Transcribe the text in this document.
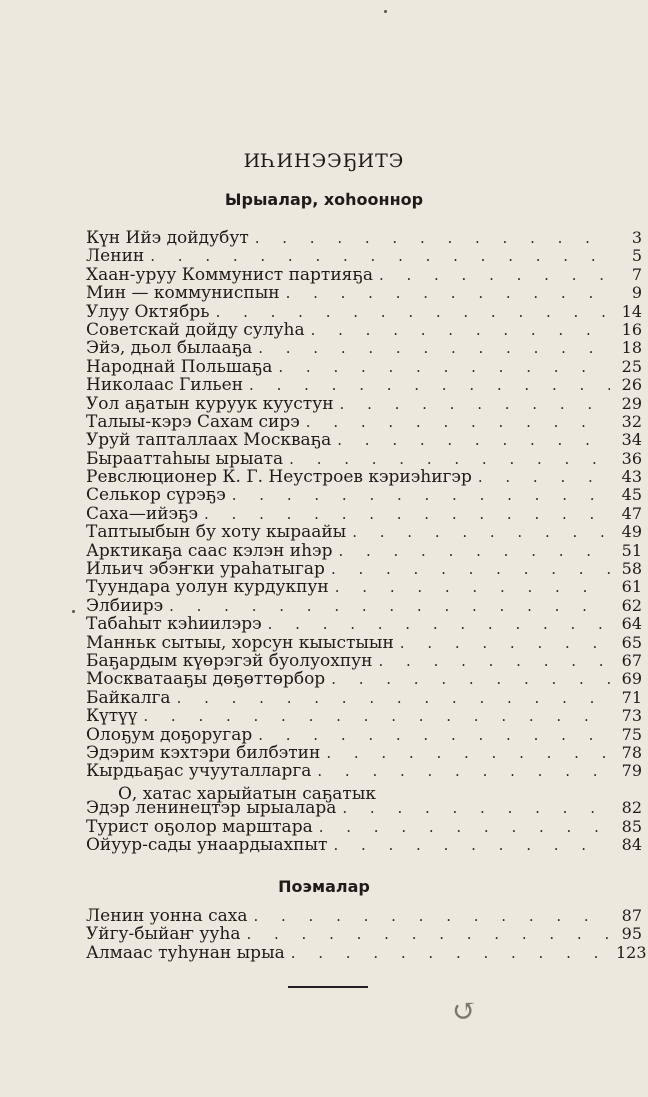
ИҺИНЭЭҔИТЭ
Ырыалар, хоһооннор
Күн Ийэ дойдубут . . .	3
Ленин . . .	5
Хаан-уруу Коммунист партияҕа . . .	7
Мин — коммуниспын . . .	9
Улуу Октябрь . . .	14
Советскай дойду сулуһа . . .	16
Эйэ, дьол былааҕа . . .	18
Народнай Польшаҕа . . .	25
Николаас Гильен . . .	26
Уол аҕатын куруук куустун . . .	29
Талыы-кэрэ Сахам сирэ . . .	32
Уруй тапталлаах Москваҕа . . .	34
Бырааттаһыы ырыата . . .	36
Ревслюционер К. Г. Неустроев кэриэһигэр . . .	43
Селькор сүрэҕэ . . .	45
Саха—ийэҕэ . . .	47
Таптыыбын бу хоту кыраайы . . .	49
Арктикаҕа саас кэлэн иһэр . . .	51
Ильич эбэҥки ураһатыгар . . .	58
Туундара уолун курдукпун . . .	61
Элбиирэ . . .	62
Табаһыт кэһиилэрэ . . .	64
Манньк сытыы, хорсун кыыстыын . . .	65
Баҕардым күөрэгэй буолуохпун . . .	67
Москватааҕы дөҕөттөрбор . . .	69
Байкалга . . .	71
Күтүү . . .	73
Олоҕум доҕоругар . . .	75
Эдэрим кэхтэри билбэтин . . .	78
Кырдьаҕас учууталларга . . .	79
О, хатас харыйатын саҕатык
Эдэр ленинецтэр ырыалара . . .	82
Турист оҕолор марштара . . .	85
Ойуур-сады унаардыахпыт . . .	84
Поэмалар
Ленин уонна саха . . .	87
Уйгу-быйаҥ ууһа . . .	95
Алмаас туһунан ырыа . . .	123
↺
